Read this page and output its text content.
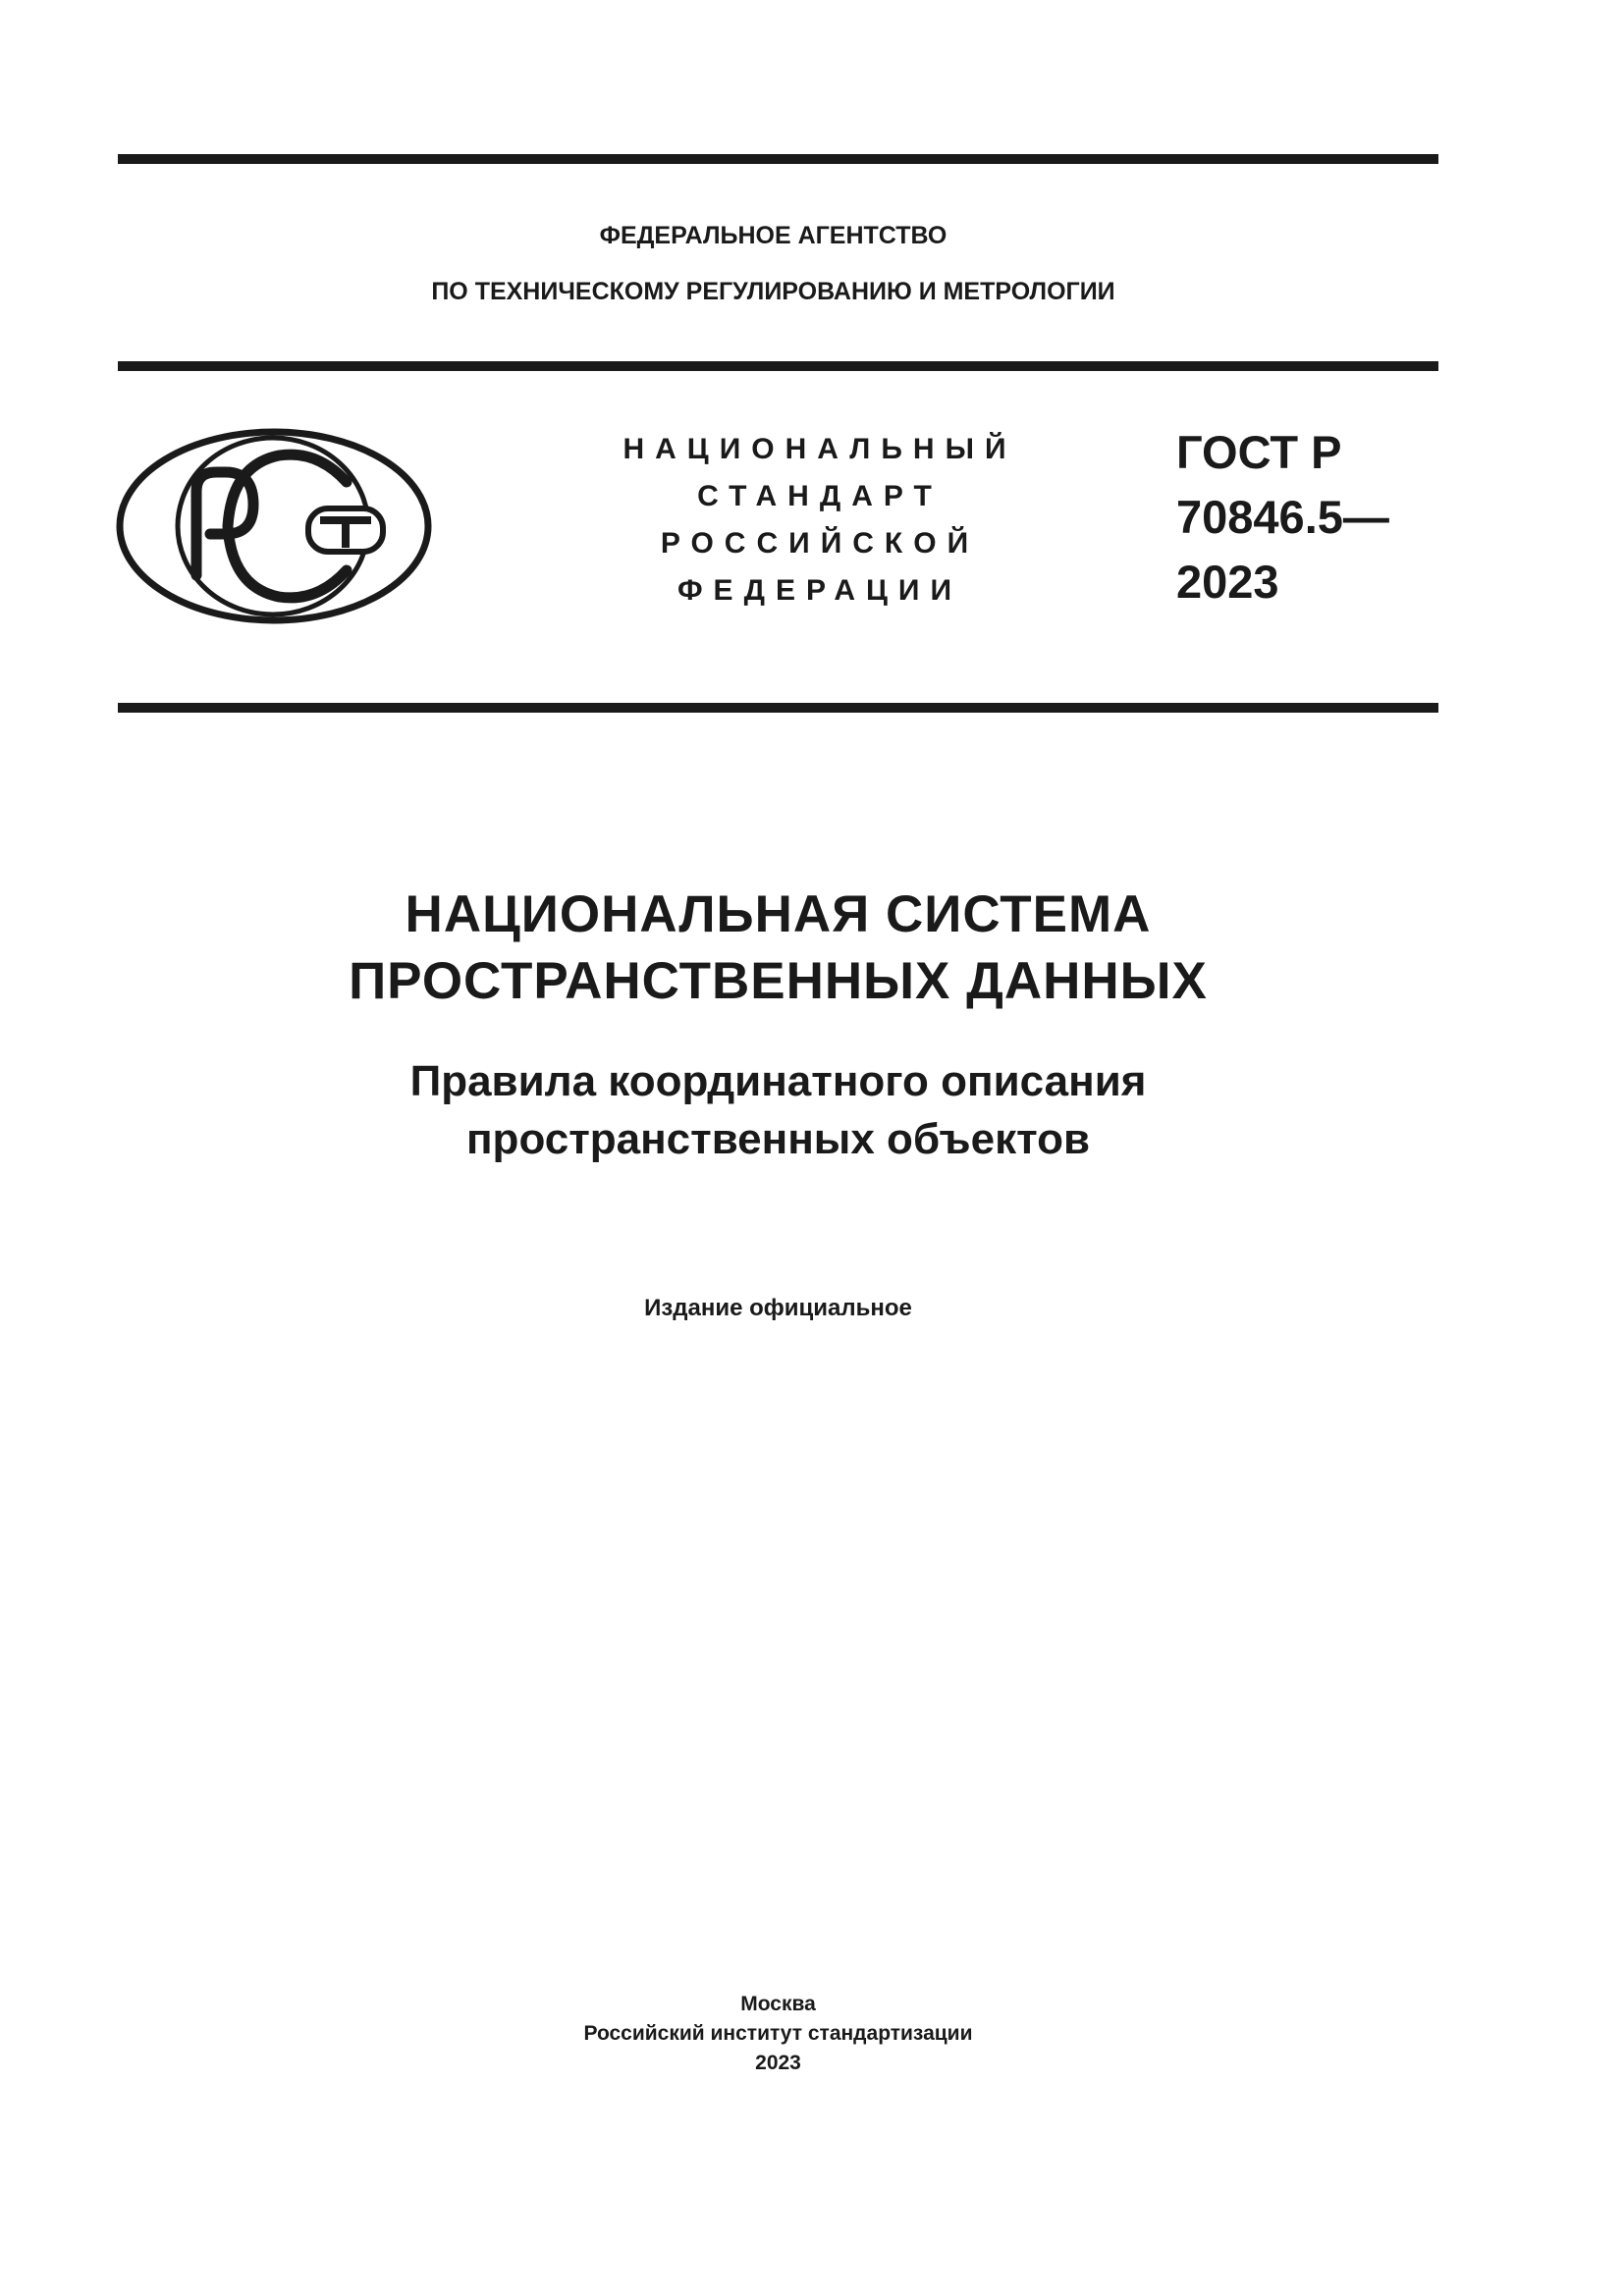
ФЕДЕРАЛЬНОЕ АГЕНТСТВО
ПО ТЕХНИЧЕСКОМУ РЕГУЛИРОВАНИЮ И МЕТРОЛОГИИ
НАЦИОНАЛЬНЫЙ
СТАНДАРТ
РОССИЙСКОЙ
ФЕДЕРАЦИИ
ГОСТ Р
70846.5—
2023
НАЦИОНАЛЬНАЯ СИСТЕМА
ПРОСТРАНСТВЕННЫХ ДАННЫХ
Правила координатного описания
пространственных объектов
Издание официальное
Москва
Российский институт стандартизации
2023
